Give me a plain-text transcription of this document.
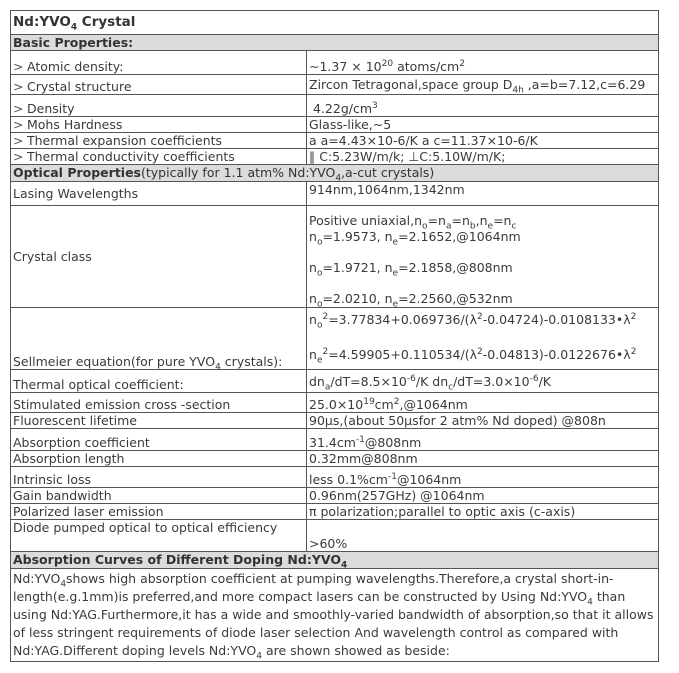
$Nd:YVO_4$ Crystal	
Basic Properties:	
> Atomic density:	~1.37 × $10^{20}$ atoms/$cm^2$
> Crystal structure	Zircon Tetragonal,space group $D_{4h}$ ,a=b=7.12,c=6.29
> Density	$4.22g/cm^3$
> Mohs Hardness	Glass-like,~5
> Thermal expansion coefficients	a a=4.43×10-6/K a c=11.37×10-6/K
> Thermal conductivity coefficients	∥ C:5.23W/m/k; ⊥C:5.10W/m/K;
Optical Properties(typically for 1.1 atm% $Nd:YVO_4,a$-cut crystals)	
Lasing Wavelengths	914nm,1064nm,1342nm
Crystal class	Positive $uniaxial,n_o=n_a=n_b,n_e=n_c$
$n_o=1.9573$, $n_e=2.1652,@1064nm$
$n_o=1.9721$, $n_e=2.1858,@808nm$
$n_o=2.0210$, $n_e=2.2560,@532nm$

Sellmeier equation(for pure $YVO_4$ crystals):	$n_o^2=3.77834+0.069736/(\lambda^2-0.04724)-0.0108133•\lambda^2$
$n_e^2=4.59905+0.110534/(\lambda^2-0.04813)-0.0122676•\lambda^2$

Thermal optical coefficient:	$dn_a/dT=8.5\times 10^{-6}/K$ $dn_c/dT=3.0\times 10^{-6}/K$
Stimulated emission cross -section	$25.0\times 10^{19}cm^2,@1064nm$
Fluorescent lifetime	90μs,(about 50μsfor 2 atm% Nd doped) @808n
Absorption coefficient	$31.4cm^{-1}@808nm$
Absorption length	0.32mm@808nm
Intrinsic loss	less $0.1\%cm^{-1}@1064nm$
Gain bandwidth	0.96nm(257GHz) @1064nm
Polarized laser emission	π polarization;parallel to optic axis (c-axis)
Diode pumped optical to optical efficiency	>60%
Absorption Curves of Different Doping $Nd:YVO_4$
$Nd:YVO_4shows$ high absorption coefficient at pumping wavelengths.Therefore,a crystal short-in-length(e.g.1mm)is preferred,and more compact lasers can be constructed by Using $Nd:YVO_4$ than using Nd:YAG.Furthermore,it has a wide and smoothly-varied bandwidth of absorption,so that it allows of less stringent requirements of diode laser selection And wavelength control as compared with Nd:YAG.Different doping levels $Nd:YVO_4$ are shown showed as beside:	
